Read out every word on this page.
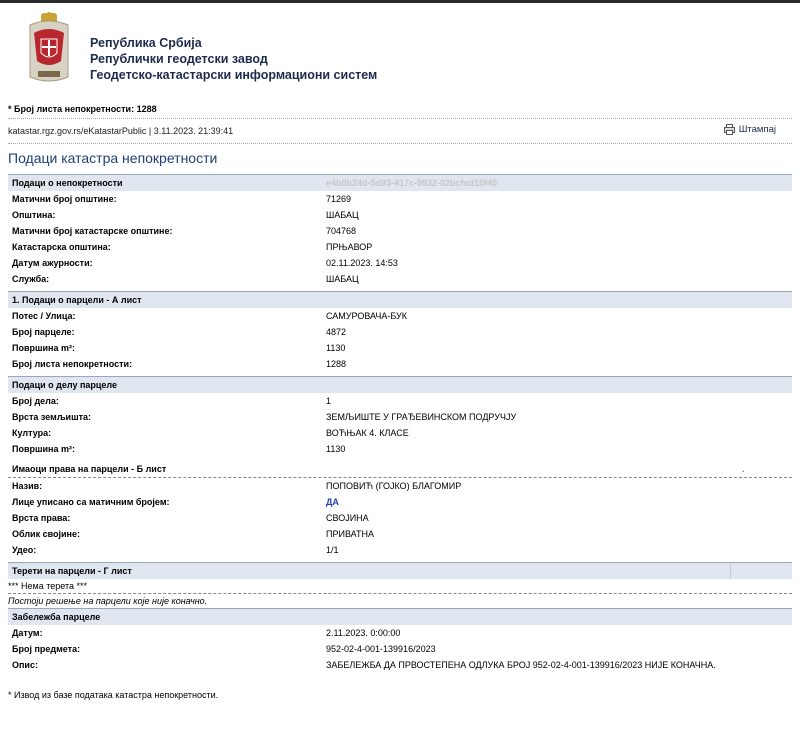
Република Србија
Републички геодетски завод
Геодетско-катастарски информациони систем
* Број листа непокретности: 1288
katastar.rgz.gov.rs/eKatastarPublic | 3.11.2023. 21:39:41	Штампај
Подаци катастра непокретности
Подаци о непокретности	e4b0b24d-5d93-417c-9932-02bcfad10f45
Матични број општине:	71269
Општина:	ШАБАЦ
Матични број катастарске општине:	704768
Катастарска општина:	ПРЊАВОР
Датум ажурности:	02.11.2023. 14:53
Служба:	ШАБАЦ
1. Подаци о парцели - А лист
Потес / Улица:	САМУРОВАЧА-БУК
Број парцеле:	4872
Површина m²:	1130
Број листа непокретности:	1288
Подаци о делу парцеле
Број дела:	1
Врста земљишта:	ЗЕМЉИШТЕ У ГРАЂЕВИНСКОМ ПОДРУЧЈУ
Култура:	ВОЋЊАК 4. КЛАСЕ
Површина m²:	1130
Имаоци права на парцели - Б лист	.
Назив:	ПОПОВИЋ (ГОЈКО) БЛАГОМИР
Лице уписано са матичним бројем:	ДА
Врста права:	СВОЈИНА
Облик својине:	ПРИВАТНА
Удео:	1/1
Терети на парцели - Г лист
*** Нема терета ***
Постоји решење на парцели које није коначно.
Забележба парцеле
Датум:	2.11.2023. 0:00:00
Број предмета:	952-02-4-001-139916/2023
Опис:	ЗАБЕЛЕЖБА ДА ПРВОСТЕПЕНА ОДЛУКА БРОЈ 952-02-4-001-139916/2023 НИЈЕ КОНАЧНА.
* Извод из базе података катастра непокретности.
